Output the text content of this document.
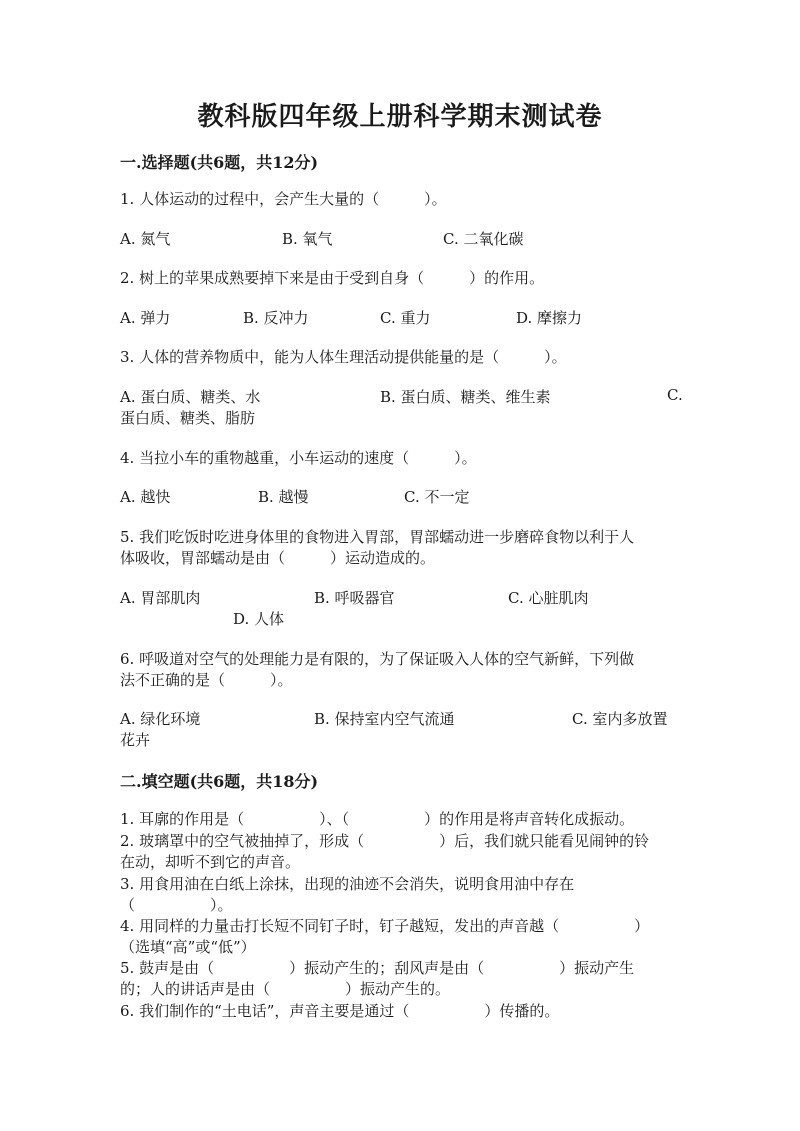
教科版四年级上册科学期末测试卷
一.选择题(共6题，共12分)
1. 人体运动的过程中，会产生大量的（　　　）。
A. 氮气	B. 氧气	C. 二氧化碳
2. 树上的苹果成熟要掉下来是由于受到自身（　　　）的作用。
A. 弹力	B. 反冲力	C. 重力	D. 摩擦力
3. 人体的营养物质中，能为人体生理活动提供能量的是（　　　）。
A. 蛋白质、糖类、水	B. 蛋白质、糖类、维生素	C.
蛋白质、糖类、脂肪
4. 当拉小车的重物越重，小车运动的速度（　　　）。
A. 越快	B. 越慢	C. 不一定
5. 我们吃饭时吃进身体里的食物进入胃部，胃部蠕动进一步磨碎食物以利于人
体吸收，胃部蠕动是由（　　　）运动造成的。
A. 胃部肌肉	B. 呼吸器官	C. 心脏肌肉
D. 人体
6. 呼吸道对空气的处理能力是有限的，为了保证吸入人体的空气新鲜，下列做
法不正确的是（　　　）。
A. 绿化环境	B. 保持室内空气流通	C. 室内多放置
花卉
二.填空题(共6题，共18分)
1. 耳廓的作用是（　　　　　）、（　　　　　）的作用是将声音转化成振动。
2. 玻璃罩中的空气被抽掉了，形成（　　　　　）后，我们就只能看见闹钟的铃
在动，却听不到它的声音。
3. 用食用油在白纸上涂抹，出现的油迹不会消失，说明食用油中存在
（　　　　　）。
4. 用同样的力量击打长短不同钉子时，钉子越短，发出的声音越（　　　　　）
（选填“高”或“低”）
5. 鼓声是由（　　　　　）振动产生的；刮风声是由（　　　　　）振动产生
的；人的讲话声是由（　　　　　）振动产生的。
6. 我们制作的“土电话”，声音主要是通过（　　　　　）传播的。
